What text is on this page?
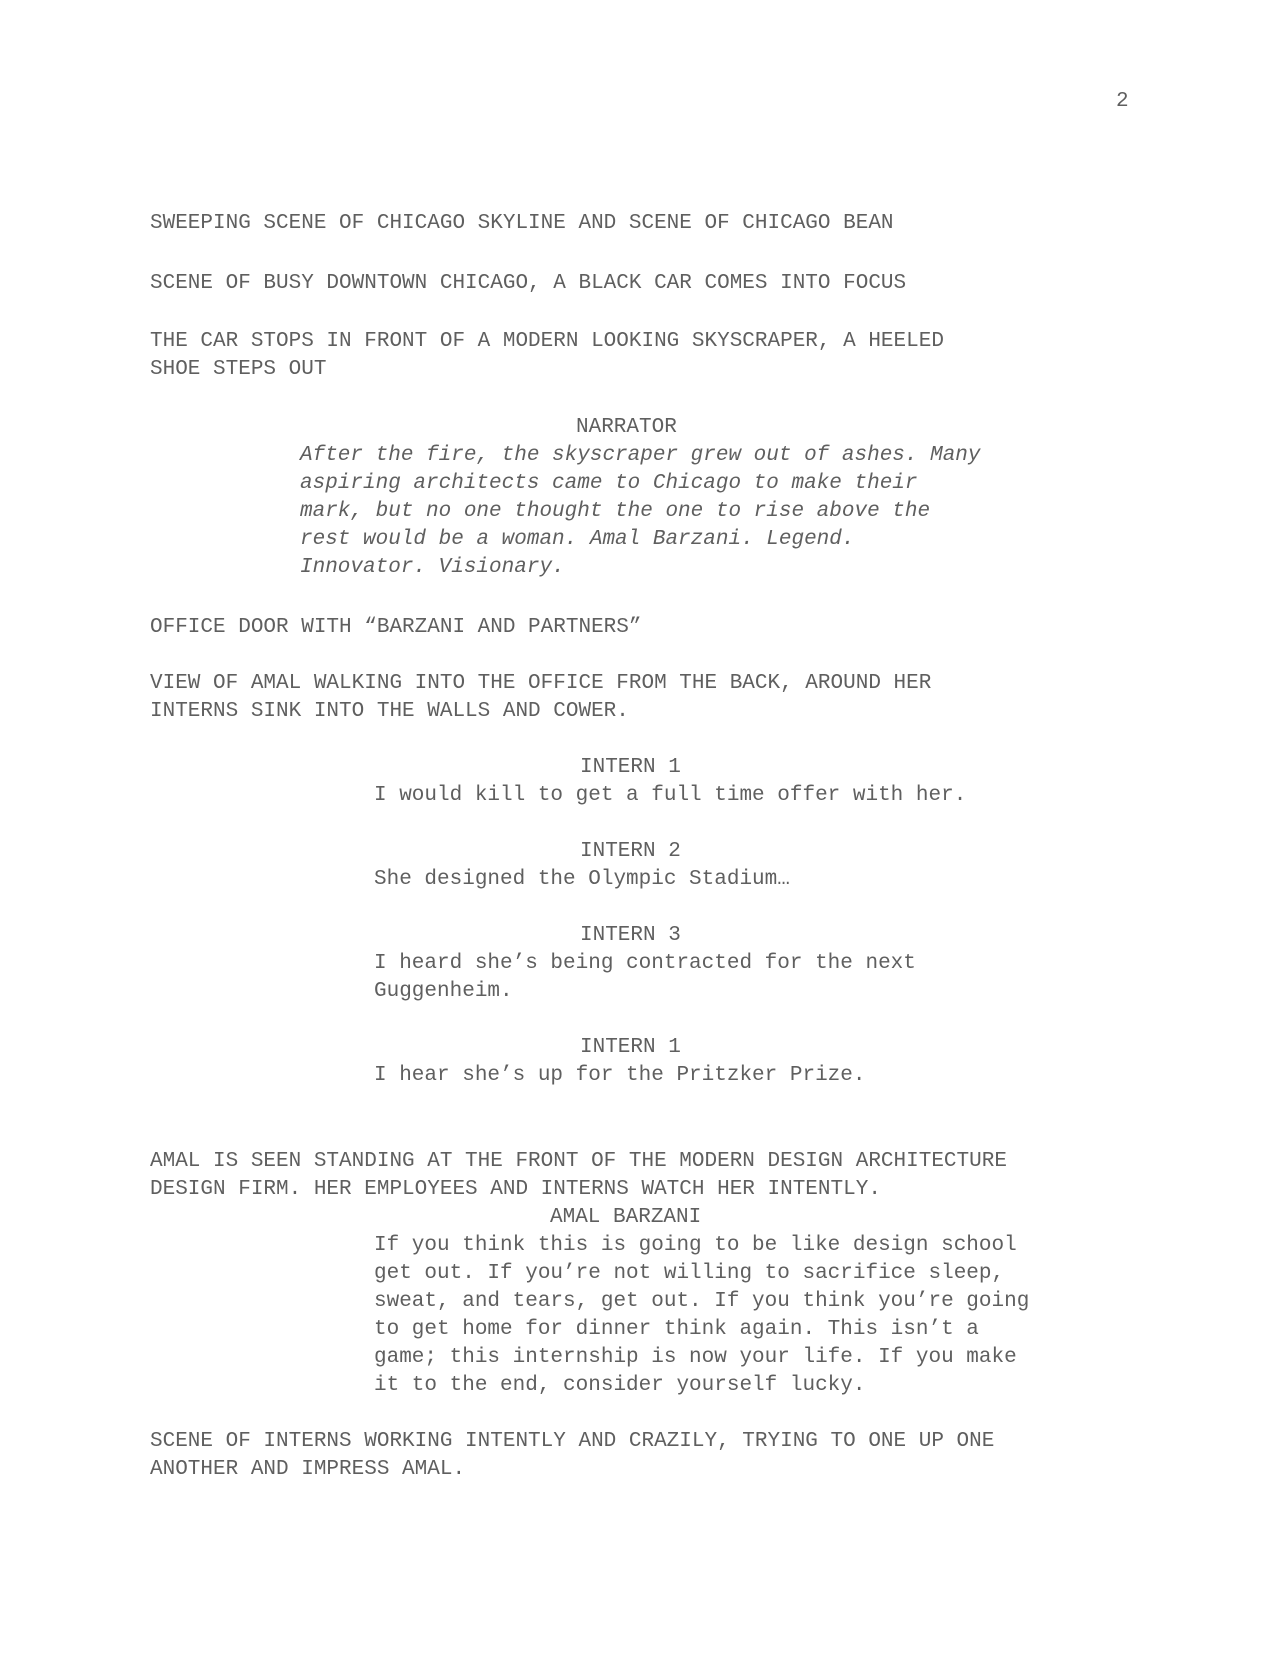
2
SWEEPING SCENE OF CHICAGO SKYLINE AND SCENE OF CHICAGO BEAN
SCENE OF BUSY DOWNTOWN CHICAGO, A BLACK CAR COMES INTO FOCUS
THE CAR STOPS IN FRONT OF A MODERN LOOKING SKYSCRAPER, A HEELED
SHOE STEPS OUT
NARRATOR
After the fire, the skyscraper grew out of ashes. Many
aspiring architects came to Chicago to make their
mark, but no one thought the one to rise above the
rest would be a woman. Amal Barzani. Legend.
Innovator. Visionary.
OFFICE DOOR WITH “BARZANI AND PARTNERS”
VIEW OF AMAL WALKING INTO THE OFFICE FROM THE BACK, AROUND HER
INTERNS SINK INTO THE WALLS AND COWER.
INTERN 1
I would kill to get a full time offer with her.
INTERN 2
She designed the Olympic Stadium…
INTERN 3
I heard she’s being contracted for the next
Guggenheim.
INTERN 1
I hear she’s up for the Pritzker Prize.
AMAL IS SEEN STANDING AT THE FRONT OF THE MODERN DESIGN ARCHITECTURE
DESIGN FIRM. HER EMPLOYEES AND INTERNS WATCH HER INTENTLY.
AMAL BARZANI
If you think this is going to be like design school
get out. If you’re not willing to sacrifice sleep,
sweat, and tears, get out. If you think you’re going
to get home for dinner think again. This isn’t a
game; this internship is now your life. If you make
it to the end, consider yourself lucky.
SCENE OF INTERNS WORKING INTENTLY AND CRAZILY, TRYING TO ONE UP ONE
ANOTHER AND IMPRESS AMAL.
